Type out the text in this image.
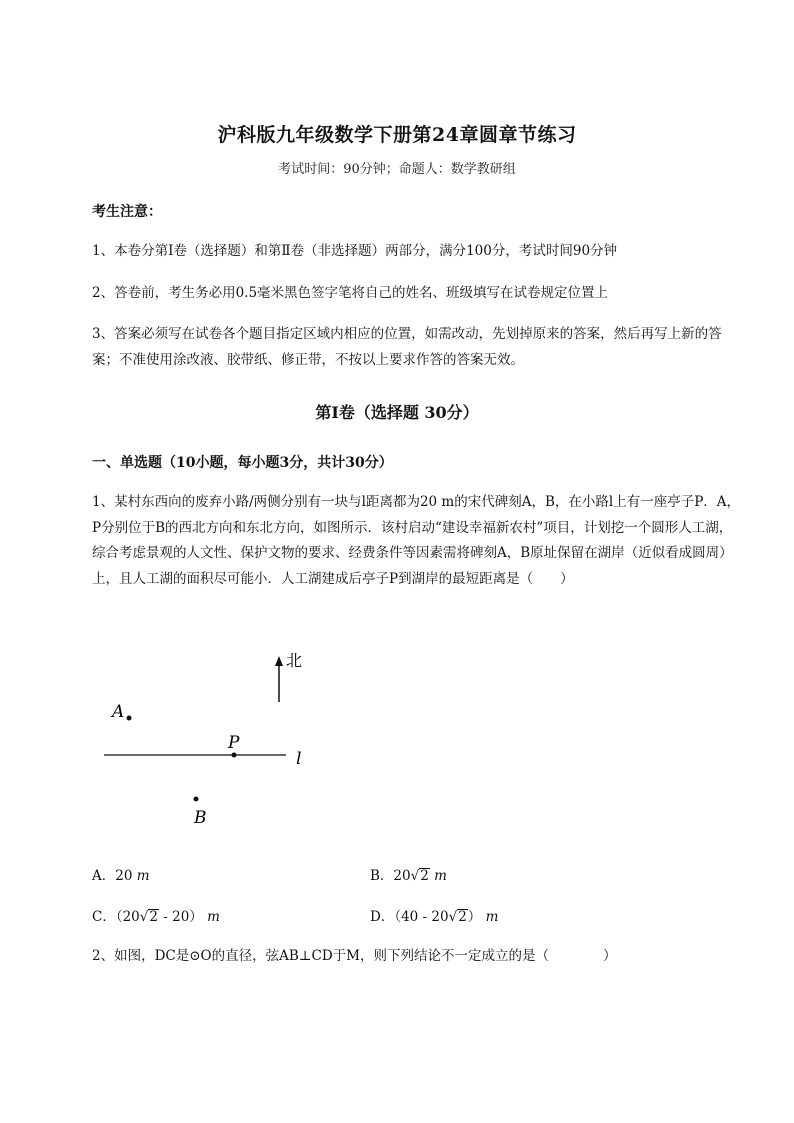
沪科版九年级数学下册第24章圆章节练习
考试时间：90分钟；命题人：数学教研组
考生注意：
1、本卷分第I卷（选择题）和第Ⅱ卷（非选择题）两部分，满分100分，考试时间90分钟
2、答卷前，考生务必用0.5毫米黑色签字笔将自己的姓名、班级填写在试卷规定位置上
3、答案必须写在试卷各个题目指定区域内相应的位置，如需改动，先划掉原来的答案，然后再写上新的答案；不准使用涂改液、胶带纸、修正带，不按以上要求作答的答案无效。
第I卷（选择题 30分）
一、单选题（10小题，每小题3分，共计30分）
1、某村东西向的废弃小路/两侧分别有一块与l距离都为20 m的宋代碑刻A，B，在小路l上有一座亭子P．A，P分别位于B的西北方向和东北方向，如图所示．该村启动“建设幸福新农村”项目，计划挖一个圆形人工湖，综合考虑景观的人文性、保护文物的要求、经费条件等因素需将碑刻A，B原址保留在湖岸（近似看成圆周）上，且人工湖的面积尽可能小．人工湖建成后亭子P到湖岸的最短距离是（　　）
北
A
P
l
B
A．20 m	B．20√2 m
C．（20√2 - 20） m	D．（40 - 20√2） m
2、如图，DC是⊙O的直径，弦AB⊥CD于M，则下列结论不一定成立的是（　　　　）
